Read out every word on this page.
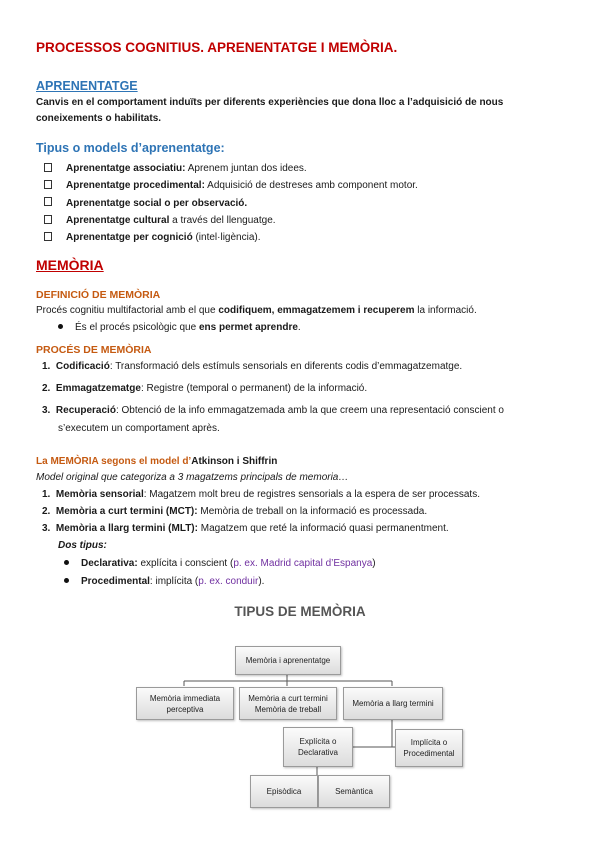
PROCESSOS COGNITIUS. APRENENTATGE I MEMÒRIA.
APRENENTATGE
Canvis en el comportament induïts per diferents experiències que dona lloc a l’adquisició de nous
coneixements o habilitats.
Tipus o models d’aprenentatge:
Aprenentatge associatiu: Aprenem juntan dos idees.
Aprenentatge procedimental: Adquisició de destreses amb component motor.
Aprenentatge social o per observació.
Aprenentatge cultural a través del llenguatge.
Aprenentatge per cognició (intel·ligència).
MEMÒRIA
DEFINICIÓ DE MEMÒRIA
Procés cognitiu multifactorial amb el que codifiquem, emmagatzemem i recuperem la informació.
És el procés psicològic que ens permet aprendre.
PROCÉS DE MEMÒRIA
1. Codificació: Transformació dels estímuls sensorials en diferents codis d’emmagatzematge.
2. Emmagatzematge: Registre (temporal o permanent) de la informació.
3. Recuperació: Obtenció de la info emmagatzemada amb la que creem una representació conscient o
s’executem un comportament après.
La MEMÒRIA segons el model d’Atkinson i Shiffrin
Model original que categoriza a 3 magatzems principals de memoria…
1. Memòria sensorial: Magatzem molt breu de registres sensorials a la espera de ser processats.
2. Memòria a curt termini (MCT): Memòria de treball on la informació es processada.
3. Memòria a llarg termini (MLT): Magatzem que reté la informació quasi permanentment.
Dos tipus:
Declarativa: explícita i conscient (p. ex. Madrid capital d’Espanya)
Procedimental: implícita (p. ex. conduir).
TIPUS DE MEMÒRIA
Memòria i aprenentatge
Memòria immediata
perceptiva
Memòria a curt termini
Memòria de treball
Memòria a llarg termini
Explícita o
Declarativa
Implícita o
Procedimental
Episòdica	Semàntica
